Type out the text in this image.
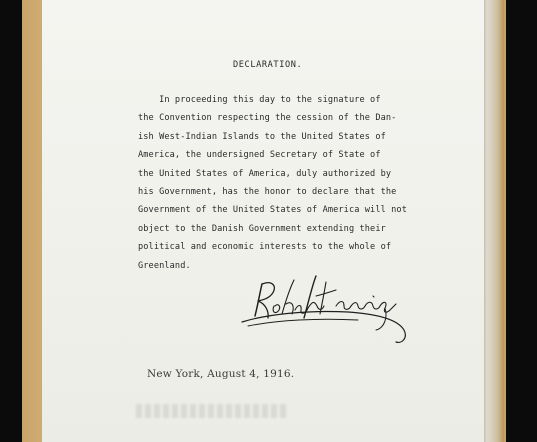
DECLARATION.
In proceeding this day to the signature of
the Convention respecting the cession of the Dan-
ish West-Indian Islands to the United States of
America, the undersigned Secretary of State of
the United States of America, duly authorized by
his Government, has the honor to declare that the
Government of the United States of America will not
object to the Danish Government extending their
political and economic interests to the whole of
Greenland.
New York, August 4, 1916.
